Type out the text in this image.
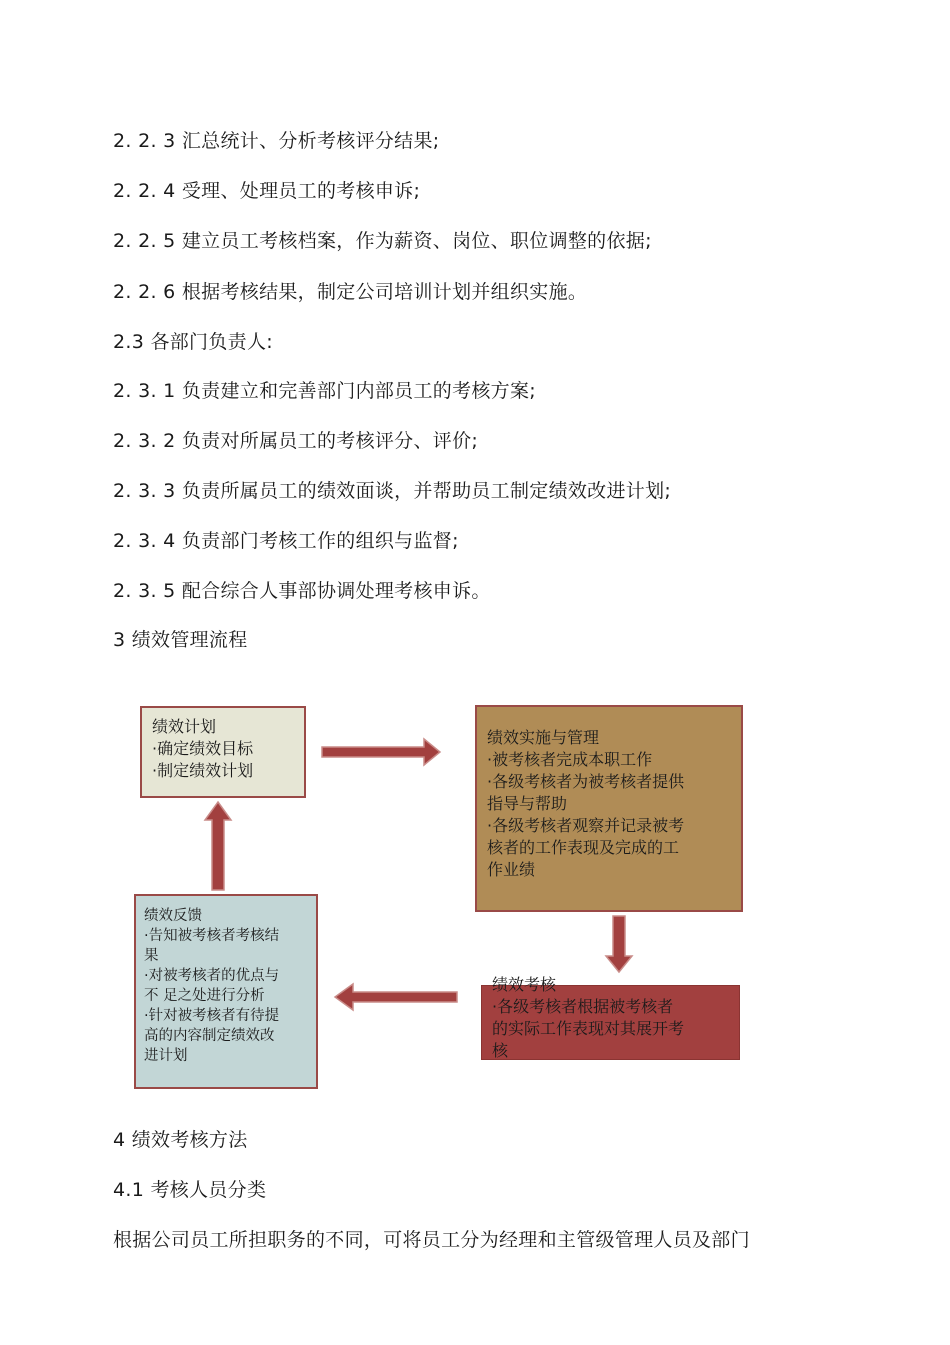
2. 2. 3 汇总统计、分析考核评分结果;
2. 2. 4 受理、处理员工的考核申诉;
2. 2. 5 建立员工考核档案，作为薪资、岗位、职位调整的依据;
2. 2. 6 根据考核结果，制定公司培训计划并组织实施。
2.3 各部门负责人:
2. 3. 1 负责建立和完善部门内部员工的考核方案;
2. 3. 2 负责对所属员工的考核评分、评价;
2. 3. 3 负责所属员工的绩效面谈，并帮助员工制定绩效改进计划;
2. 3. 4 负责部门考核工作的组织与监督;
2. 3. 5 配合综合人事部协调处理考核申诉。
3 绩效管理流程
绩效计划
·确定绩效目标
·制定绩效计划
绩效实施与管理
·被考核者完成本职工作
·各级考核者为被考核者提供
指导与帮助
·各级考核者观察并记录被考
核者的工作表现及完成的工
作业绩
绩效反馈
·告知被考核者考核结
果
·对被考核者的优点与
不 足之处进行分析
·针对被考核者有待提
高的内容制定绩效改
进计划
绩效考核
·各级考核者根据被考核者
的实际工作表现对其展开考
核
4 绩效考核方法
4.1 考核人员分类
根据公司员工所担职务的不同，可将员工分为经理和主管级管理人员及部门
